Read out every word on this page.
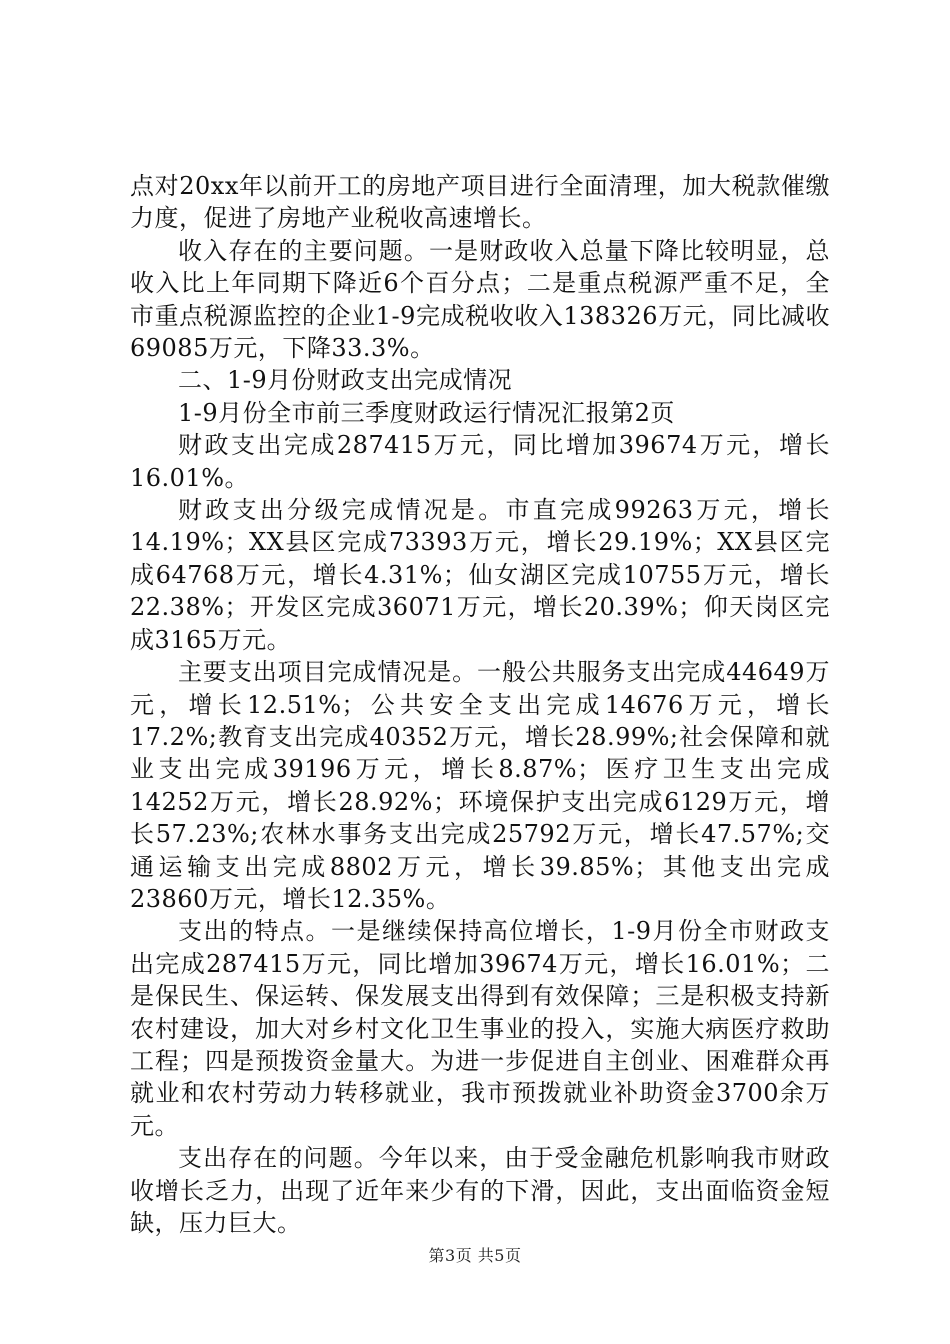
点对20xx年以前开工的房地产项目进行全面清理，加大税款催缴力度，促进了房地产业税收高速增长。

收入存在的主要问题。一是财政收入总量下降比较明显，总收入比上年同期下降近6个百分点；二是重点税源严重不足，全市重点税源监控的企业1-9完成税收收入138326万元，同比减收69085万元，下降33.3%。

二、1-9月份财政支出完成情况

1-9月份全市前三季度财政运行情况汇报第2页

财政支出完成287415万元，同比增加39674万元，增长16.01%。

财政支出分级完成情况是。市直完成99263万元，增长14.19%；XX县区完成73393万元，增长29.19%；XX县区完成64768万元，增长4.31%；仙女湖区完成10755万元，增长22.38%；开发区完成36071万元，增长20.39%；仰天岗区完成3165万元。

主要支出项目完成情况是。一般公共服务支出完成44649万元，增长12.51%；公共安全支出完成14676万元，增长17.2%;教育支出完成40352万元，增长28.99%;社会保障和就业支出完成39196万元，增长8.87%；医疗卫生支出完成14252万元，增长28.92%；环境保护支出完成6129万元，增长57.23%;农林水事务支出完成25792万元，增长47.57%;交通运输支出完成8802万元，增长39.85%；其他支出完成23860万元，增长12.35%。

支出的特点。一是继续保持高位增长，1-9月份全市财政支出完成287415万元，同比增加39674万元，增长16.01%；二是保民生、保运转、保发展支出得到有效保障；三是积极支持新农村建设，加大对乡村文化卫生事业的投入，实施大病医疗救助工程；四是预拨资金量大。为进一步促进自主创业、困难群众再就业和农村劳动力转移就业，我市预拨就业补助资金3700余万元。

支出存在的问题。今年以来，由于受金融危机影响我市财政收增长乏力，出现了近年来少有的下滑，因此，支出面临资金短缺，压力巨大。

第3页 共5页
